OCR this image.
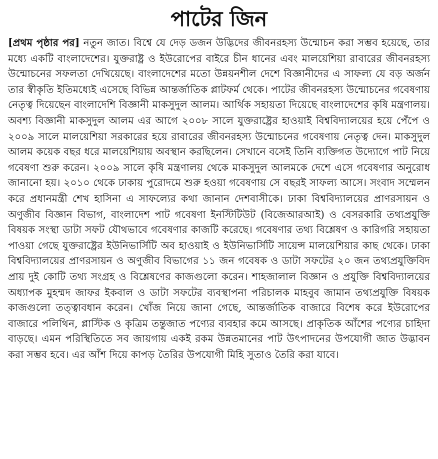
পাটের জিন

[প্রথম পৃষ্ঠার পর] নতুন জাত। বিশ্বে যে দেড় ডজন উদ্ভিদের জীবনরহস্য উন্মোচন করা সম্ভব হয়েছে, তার মধ্যে একটি বাংলাদেশের। যুক্তরাষ্ট্র ও ইউরোপের বাইরে চীন ধানের এবং মালয়েশিয়া রাবারের জীবনরহস্য উন্মোচনের সফলতা দেখিয়েছে। বাংলাদেশের মতো উন্নয়নশীল দেশে বিজ্ঞানীদের এ সাফল্য যে বড় অর্জন তার স্বীকৃতি ইতিমধ্যেই এসেছে বিভিন্ন আন্তর্জাতিক প্লাটফর্ম থেকে। পাটের জীবনরহস্য উন্মোচনের গবেষণায় নেতৃত্ব দিয়েছেন বাংলাদেশি বিজ্ঞানী মাকসুদুল আলম। আর্থিক সহায়তা দিয়েছে বাংলাদেশের কৃষি মন্ত্রণালয়। অবশ্য বিজ্ঞানী মাকসুদুল আলম এর আগে ২০০৮ সালে যুক্তরাষ্ট্রের হাওয়াই বিশ্ববিদ্যালয়ের হয়ে পেঁপে ও ২০০৯ সালে মালয়েশিয়া সরকারের হয়ে রাবারের জীবনরহস্য উন্মোচনের গবেষণায় নেতৃত্ব দেন। মাকসুদুল আলম কয়েক বছর ধরে মালয়েশিয়ায় অবস্থান করছিলেন। সেখানে বসেই তিনি ব্যক্তিগত উদ্যোগে পাট নিয়ে গবেষণা শুরু করেন। ২০০৯ সালে কৃষি মন্ত্রণালয় থেকে মাকসুদুল আলমকে দেশে এসে গবেষণার অনুরোধ জানানো হয়। ২০১০ থেকে ঢাকায় পুরোদমে শুরু হওয়া গবেষণায় সে বছরই সাফল্য আসে। সংবাদ সম্মেলন করে প্রধানমন্ত্রী শেখ হাসিনা এ সাফল্যের কথা জানান দেশবাসীকে। ঢাকা বিশ্ববিদ্যালয়ের প্রাণরসায়ন ও অণুজীব বিজ্ঞান বিভাগ, বাংলাদেশ পাট গবেষণা ইনস্টিটিউট (বিজেআরআই) ও বেসরকারি তথ্যপ্রযুক্তি বিষয়ক সংস্থা ডাটা সফট যৌথভাবে গবেষণার কাজটি করেছে। গবেষণার তথ্য বিশ্লেষণ ও কারিগরি সহায়তা পাওয়া গেছে যুক্তরাষ্ট্রের ইউনিভার্সিটি অব হাওয়াই ও ইউনিভার্সিটি সায়েন্স মালয়েশিয়ার কাছ থেকে। ঢাকা বিশ্ববিদ্যালয়ের প্রাণরসায়ন ও অণুজীব বিভাগের ১১ জন গবেষক ও ডাটা সফটের ২০ জন তথ্যপ্রযুক্তিবিদ প্রায় দুই কোটি তথ্য সংগ্রহ ও বিশ্লেষণের কাজগুলো করেন। শাহজালাল বিজ্ঞান ও প্রযুক্তি বিশ্ববিদ্যালয়ের অধ্যাপক মুহম্মদ জাফর ইকবাল ও ডাটা সফটের ব্যবস্থাপনা পরিচালক মাহবুব জামান তথ্যপ্রযুক্তি বিষয়ক কাজগুলো তত্ত্বাবধান করেন। খোঁজ নিয়ে জানা গেছে, আন্তর্জাতিক বাজারে বিশেষ করে ইউরোপের বাজারে পলিথিন, প্লাস্টিক ও কৃত্রিম তন্তুজাত পণ্যের ব্যবহার কমে আসছে। প্রাকৃতিক আঁশের পণ্যের চাহিদা বাড়ছে। এমন পরিস্থিতিতে সব জায়গায় একই রকম উন্নতমানের পাট উৎপাদনের উপযোগী জাত উদ্ভাবন করা সম্ভব হবে। এর আঁশ দিয়ে কাপড় তৈরির উপযোগী মিহি সুতাও তৈরি করা যাবে।
